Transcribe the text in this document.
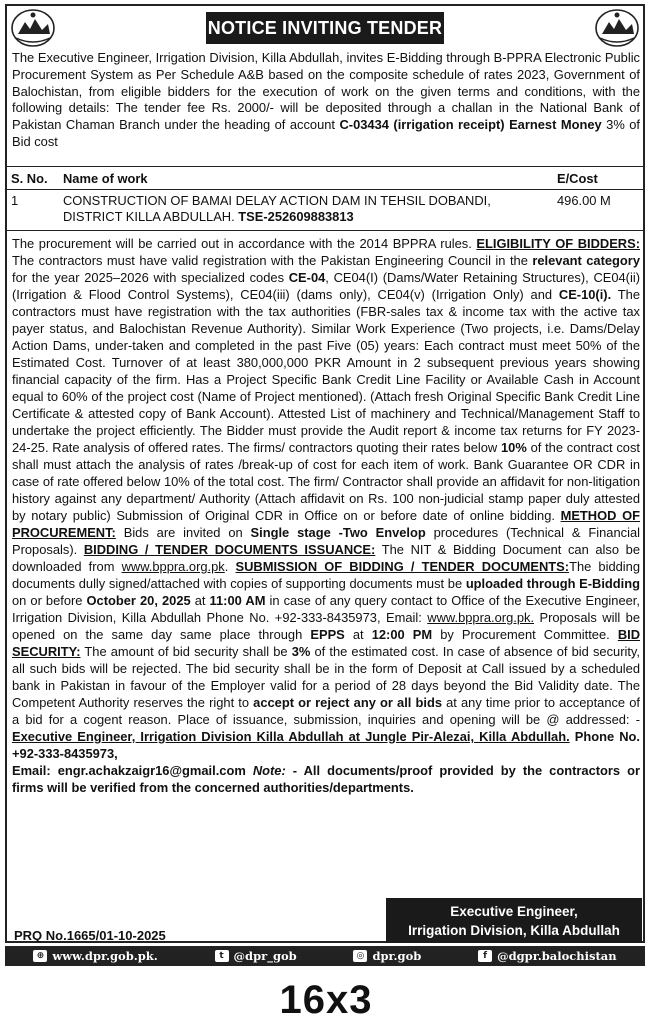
NOTICE INVITING TENDER

The Executive Engineer, Irrigation Division, Killa Abdullah, invites E-Bidding through B-PPRA Electronic Public Procurement System as Per Schedule A&B based on the composite schedule of rates 2023, Government of Balochistan, from eligible bidders for the execution of work on the given terms and conditions, with the following details: The tender fee Rs. 2000/- will be deposited through a challan in the National Bank of Pakistan Chaman Branch under the heading of account C-03434 (irrigation receipt) Earnest Money 3% of Bid cost

S. No.	Name of work	E/Cost
1	CONSTRUCTION OF BAMAI DELAY ACTION DAM IN TEHSIL DOBANDI, DISTRICT KILLA ABDULLAH. TSE-252609883813	496.00 M

The procurement will be carried out in accordance with the 2014 BPPRA rules. ELIGIBILITY OF BIDDERS: The contractors must have valid registration with the Pakistan Engineering Council in the relevant category for the year 2025–2026 with specialized codes CE-04, CE04(I) (Dams/Water Retaining Structures), CE04(ii) (Irrigation & Flood Control Systems), CE04(iii) (dams only), CE04(v) (Irrigation Only) and CE-10(i). The contractors must have registration with the tax authorities (FBR-sales tax & income tax with the active tax payer status, and Balochistan Revenue Authority). Similar Work Experience (Two projects, i.e. Dams/Delay Action Dams, under-taken and completed in the past Five (05) years: Each contract must meet 50% of the Estimated Cost. Turnover of at least 380,000,000 PKR Amount in 2 subsequent previous years showing financial capacity of the firm. Has a Project Specific Bank Credit Line Facility or Available Cash in Account equal to 60% of the project cost (Name of Project mentioned). (Attach fresh Original Specific Bank Credit Line Certificate & attested copy of Bank Account). Attested List of machinery and Technical/Management Staff to undertake the project efficiently. The Bidder must provide the Audit report & income tax returns for FY 2023-24-25. Rate analysis of offered rates. The firms/ contractors quoting their rates below 10% of the contract cost shall must attach the analysis of rates /break-up of cost for each item of work. Bank Guarantee OR CDR in case of rate offered below 10% of the total cost. The firm/ Contractor shall provide an affidavit for non-litigation history against any department/ Authority (Attach affidavit on Rs. 100 non-judicial stamp paper duly attested by notary public) Submission of Original CDR in Office on or before date of online bidding. METHOD OF PROCUREMENT: Bids are invited on Single stage -Two Envelop procedures (Technical & Financial Proposals). BIDDING / TENDER DOCUMENTS ISSUANCE: The NIT & Bidding Document can also be downloaded from www.bppra.org.pk. SUBMISSION OF BIDDING / TENDER DOCUMENTS:The bidding documents dully signed/attached with copies of supporting documents must be uploaded through E-Bidding on or before October 20, 2025 at 11:00 AM in case of any query contact to Office of the Executive Engineer, Irrigation Division, Killa Abdullah Phone No. +92-333-8435973, Email: www.bppra.org.pk. Proposals will be opened on the same day same place through EPPS at 12:00 PM by Procurement Committee. BID SECURITY: The amount of bid security shall be 3% of the estimated cost. In case of absence of bid security, all such bids will be rejected. The bid security shall be in the form of Deposit at Call issued by a scheduled bank in Pakistan in favour of the Employer valid for a period of 28 days beyond the Bid Validity date. The Competent Authority reserves the right to accept or reject any or all bids at any time prior to acceptance of a bid for a cogent reason. Place of issuance, submission, inquiries and opening will be @ addressed: -Executive Engineer, Irrigation Division Killa Abdullah at Jungle Pir-Alezai, Killa Abdullah. Phone No. +92-333-8435973,
Email: engr.achakzaigr16@gmail.com Note: - All documents/proof provided by the contractors or firms will be verified from the concerned authorities/departments.

PRQ No.1665/01-10-2025
Executive Engineer,
Irrigation Division, Killa Abdullah
⊕ www.dpr.gob.pk.	t @dpr_gob	◎ dpr.gob	f @dgpr.balochistan
16x3
